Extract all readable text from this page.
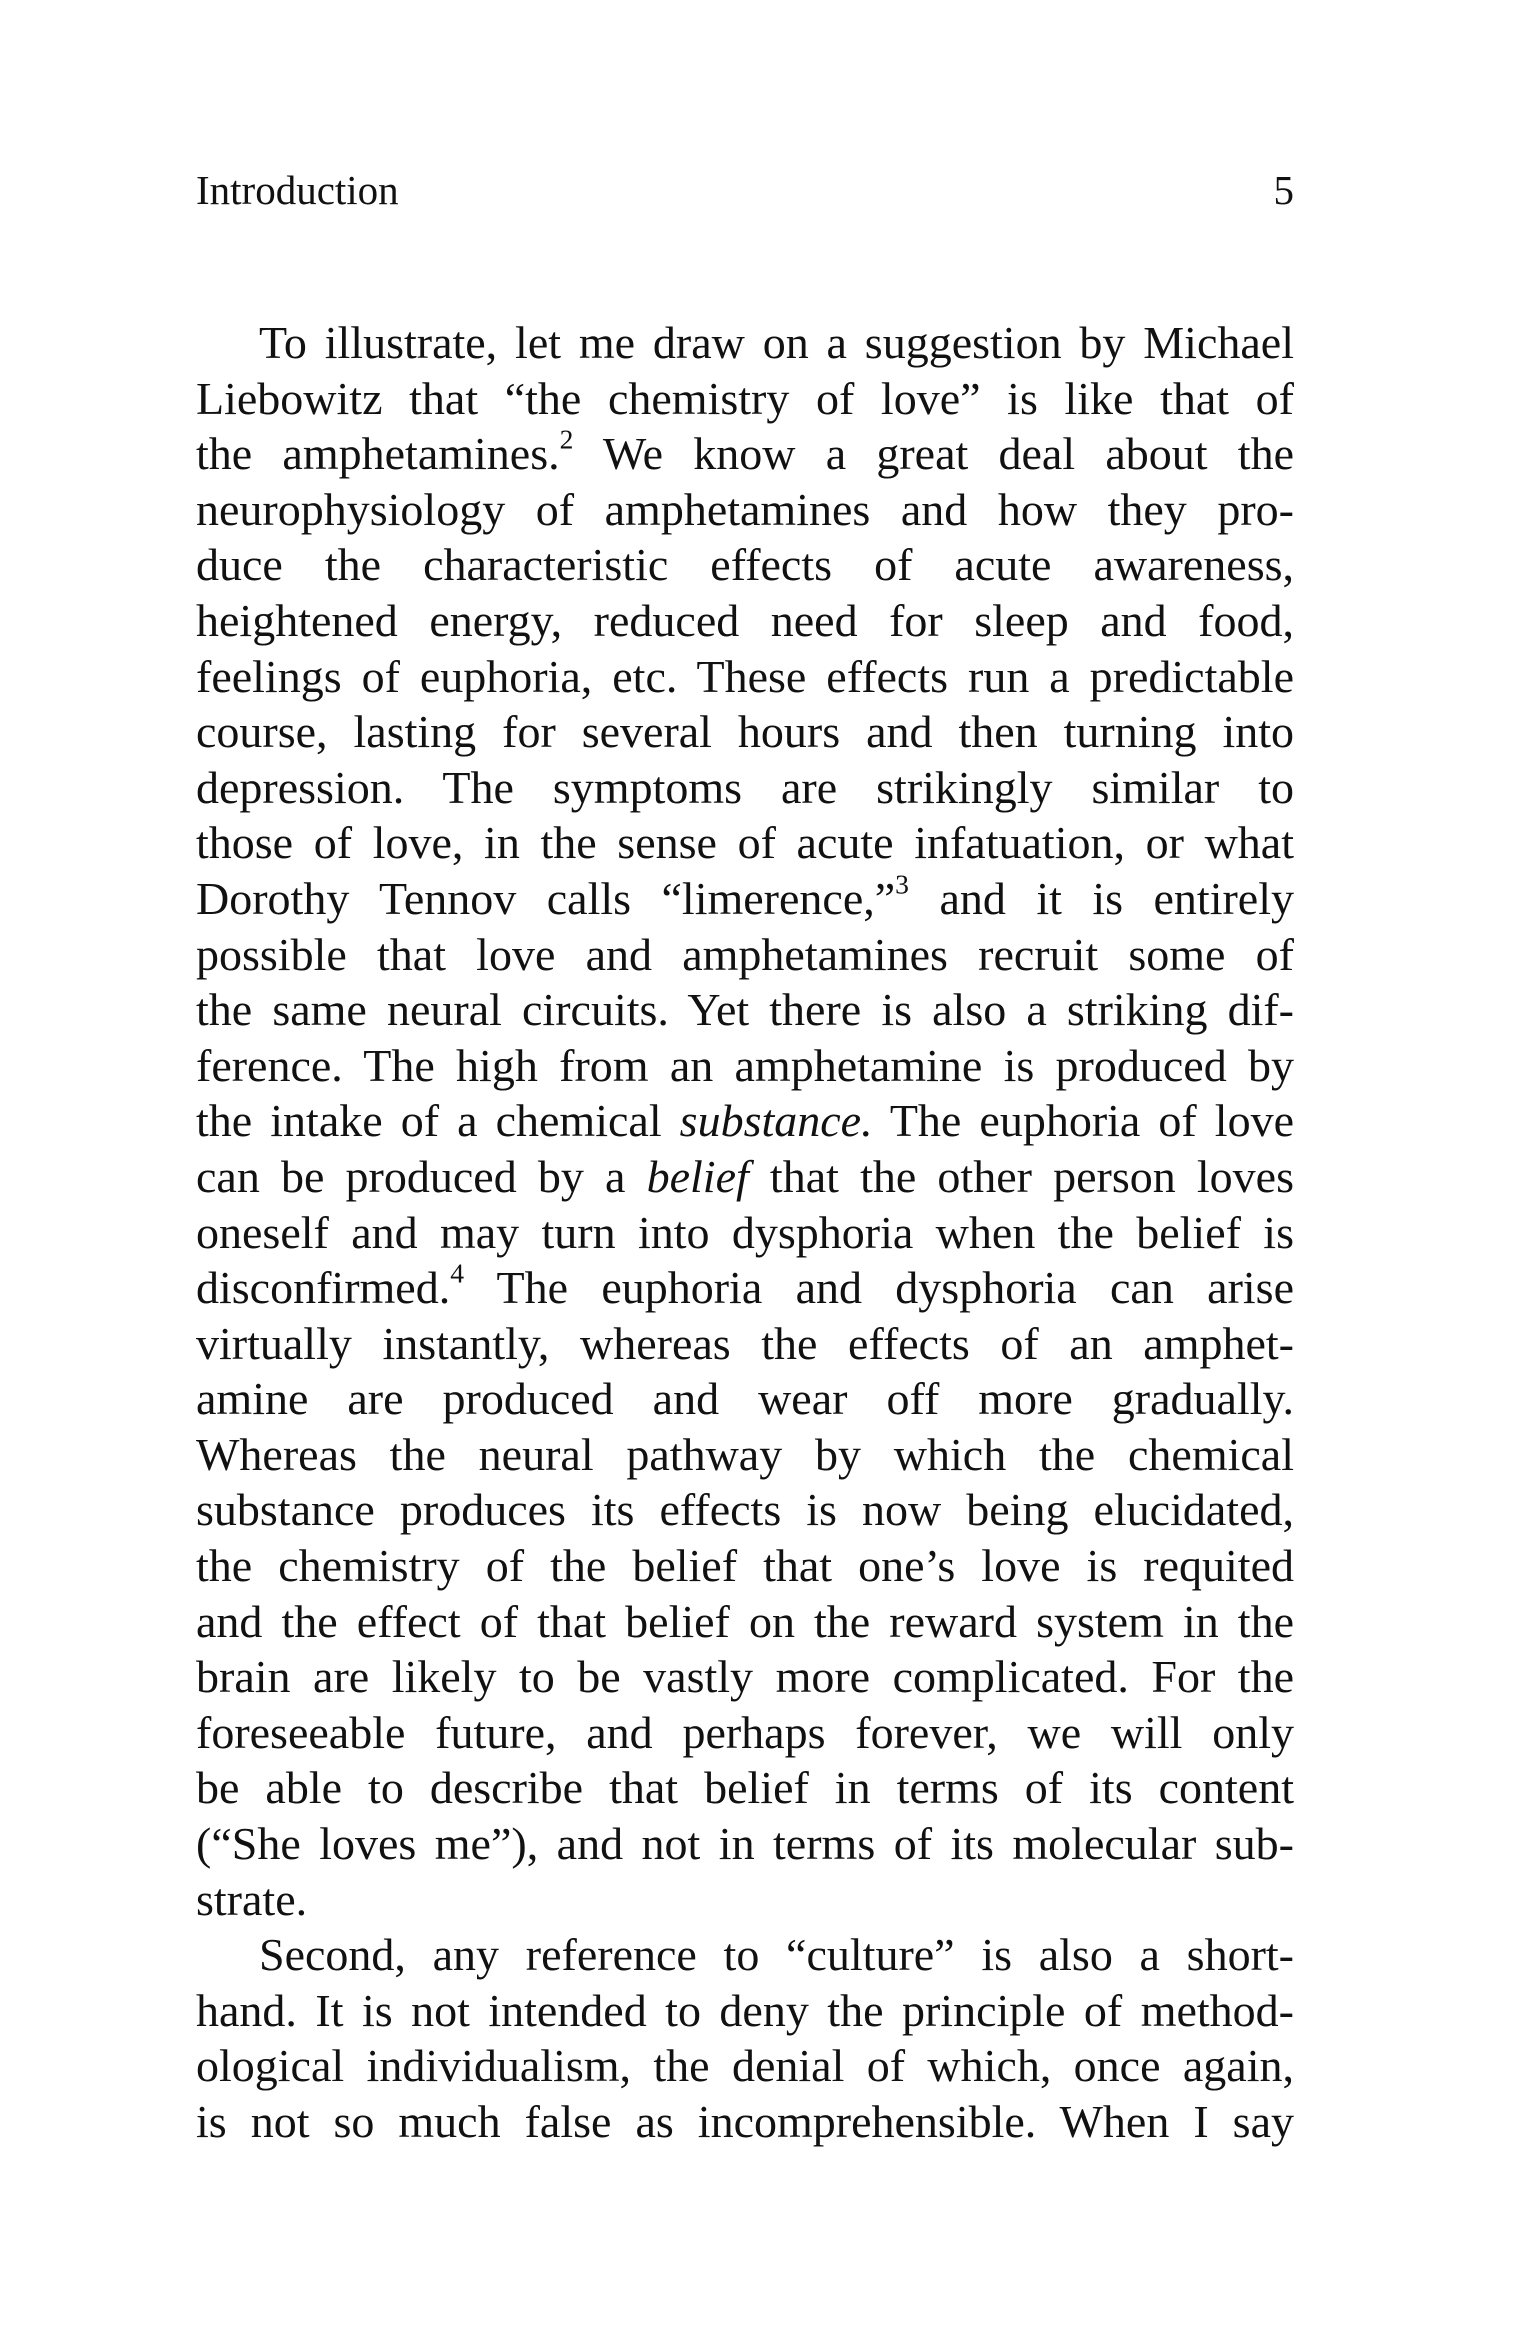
Introduction	5
To illustrate, let me draw on a suggestion by Michael
Liebowitz that “the chemistry of love” is like that of
the amphetamines.$^2$ We know a great deal about the
neurophysiology of amphetamines and how they pro-
duce the characteristic effects of acute awareness,
heightened energy, reduced need for sleep and food,
feelings of euphoria, etc. These effects run a predictable
course, lasting for several hours and then turning into
depression. The symptoms are strikingly similar to
those of love, in the sense of acute infatuation, or what
Dorothy Tennov calls “limerence,”$^3$ and it is entirely
possible that love and amphetamines recruit some of
the same neural circuits. Yet there is also a striking dif-
ference. The high from an amphetamine is produced by
the intake of a chemical substance. The euphoria of love
can be produced by a belief that the other person loves
oneself and may turn into dysphoria when the belief is
disconfirmed.$^4$ The euphoria and dysphoria can arise
virtually instantly, whereas the effects of an amphet-
amine are produced and wear off more gradually.
Whereas the neural pathway by which the chemical
substance produces its effects is now being elucidated,
the chemistry of the belief that one’s love is requited
and the effect of that belief on the reward system in the
brain are likely to be vastly more complicated. For the
foreseeable future, and perhaps forever, we will only
be able to describe that belief in terms of its content
(“She loves me”), and not in terms of its molecular sub-
strate.
Second, any reference to “culture” is also a short-
hand. It is not intended to deny the principle of method-
ological individualism, the denial of which, once again,
is not so much false as incomprehensible. When I say
